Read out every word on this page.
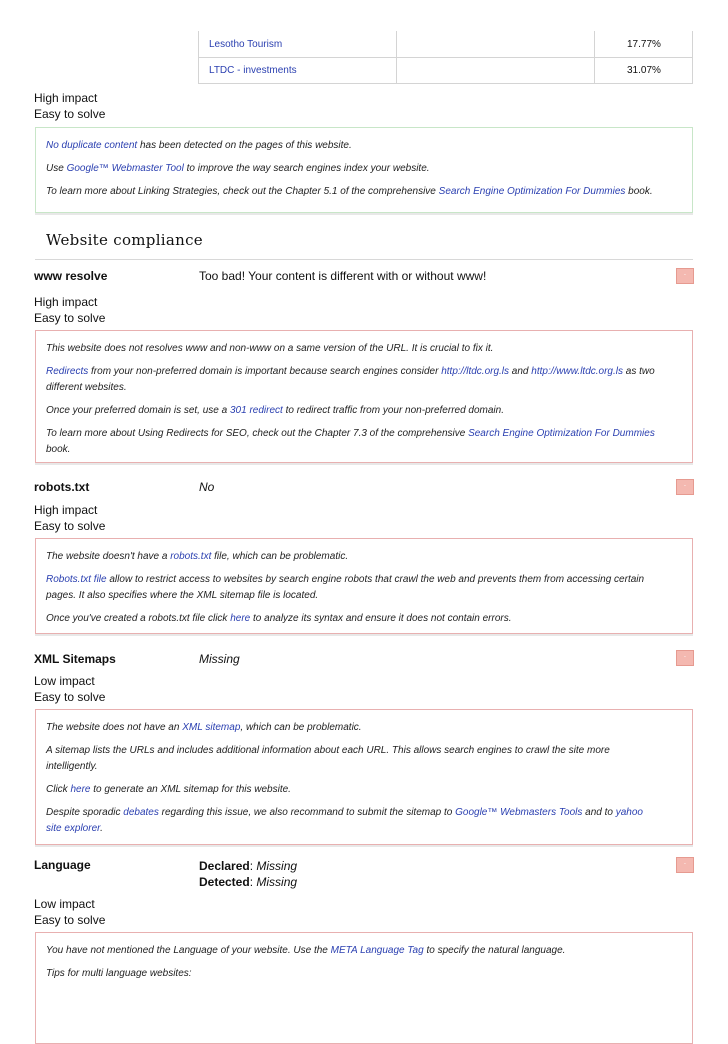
Lesotho Tourism	17.77%
LTDC - investments	31.07%
High impact
Easy to solve

No duplicate content has been detected on the pages of this website.

Use Google™ Webmaster Tool to improve the way search engines index your website.

To learn more about Linking Strategies, check out the Chapter 5.1 of the comprehensive Search Engine Optimization For Dummies book.

Website compliance
www resolve	Too bad! Your content is different with or without www!	·
High impact
Easy to solve

This website does not resolves www and non-www on a same version of the URL. It is crucial to fix it.

Redirects from your non-preferred domain is important because search engines consider http://ltdc.org.ls and http://www.ltdc.org.ls as two
different websites.

Once your preferred domain is set, use a 301 redirect to redirect traffic from your non-preferred domain.

To learn more about Using Redirects for SEO, check out the Chapter 7.3 of the comprehensive Search Engine Optimization For Dummies
book.

robots.txt	No	·
High impact
Easy to solve

The website doesn't have a robots.txt file, which can be problematic.

Robots.txt file allow to restrict access to websites by search engine robots that crawl the web and prevents them from accessing certain
pages. It also specifies where the XML sitemap file is located.

Once you've created a robots.txt file click here to analyze its syntax and ensure it does not contain errors.

XML Sitemaps	Missing	·
Low impact
Easy to solve

The website does not have an XML sitemap, which can be problematic.

A sitemap lists the URLs and includes additional information about each URL. This allows search engines to crawl the site more
intelligently.

Click here to generate an XML sitemap for this website.

Despite sporadic debates regarding this issue, we also recommand to submit the sitemap to Google™ Webmasters Tools and to yahoo
site explorer.

Language	Declared: Missing
Detected: Missing
·
Low impact
Easy to solve

You have not mentioned the Language of your website. Use the META Language Tag to specify the natural language.

Tips for multi language websites:
